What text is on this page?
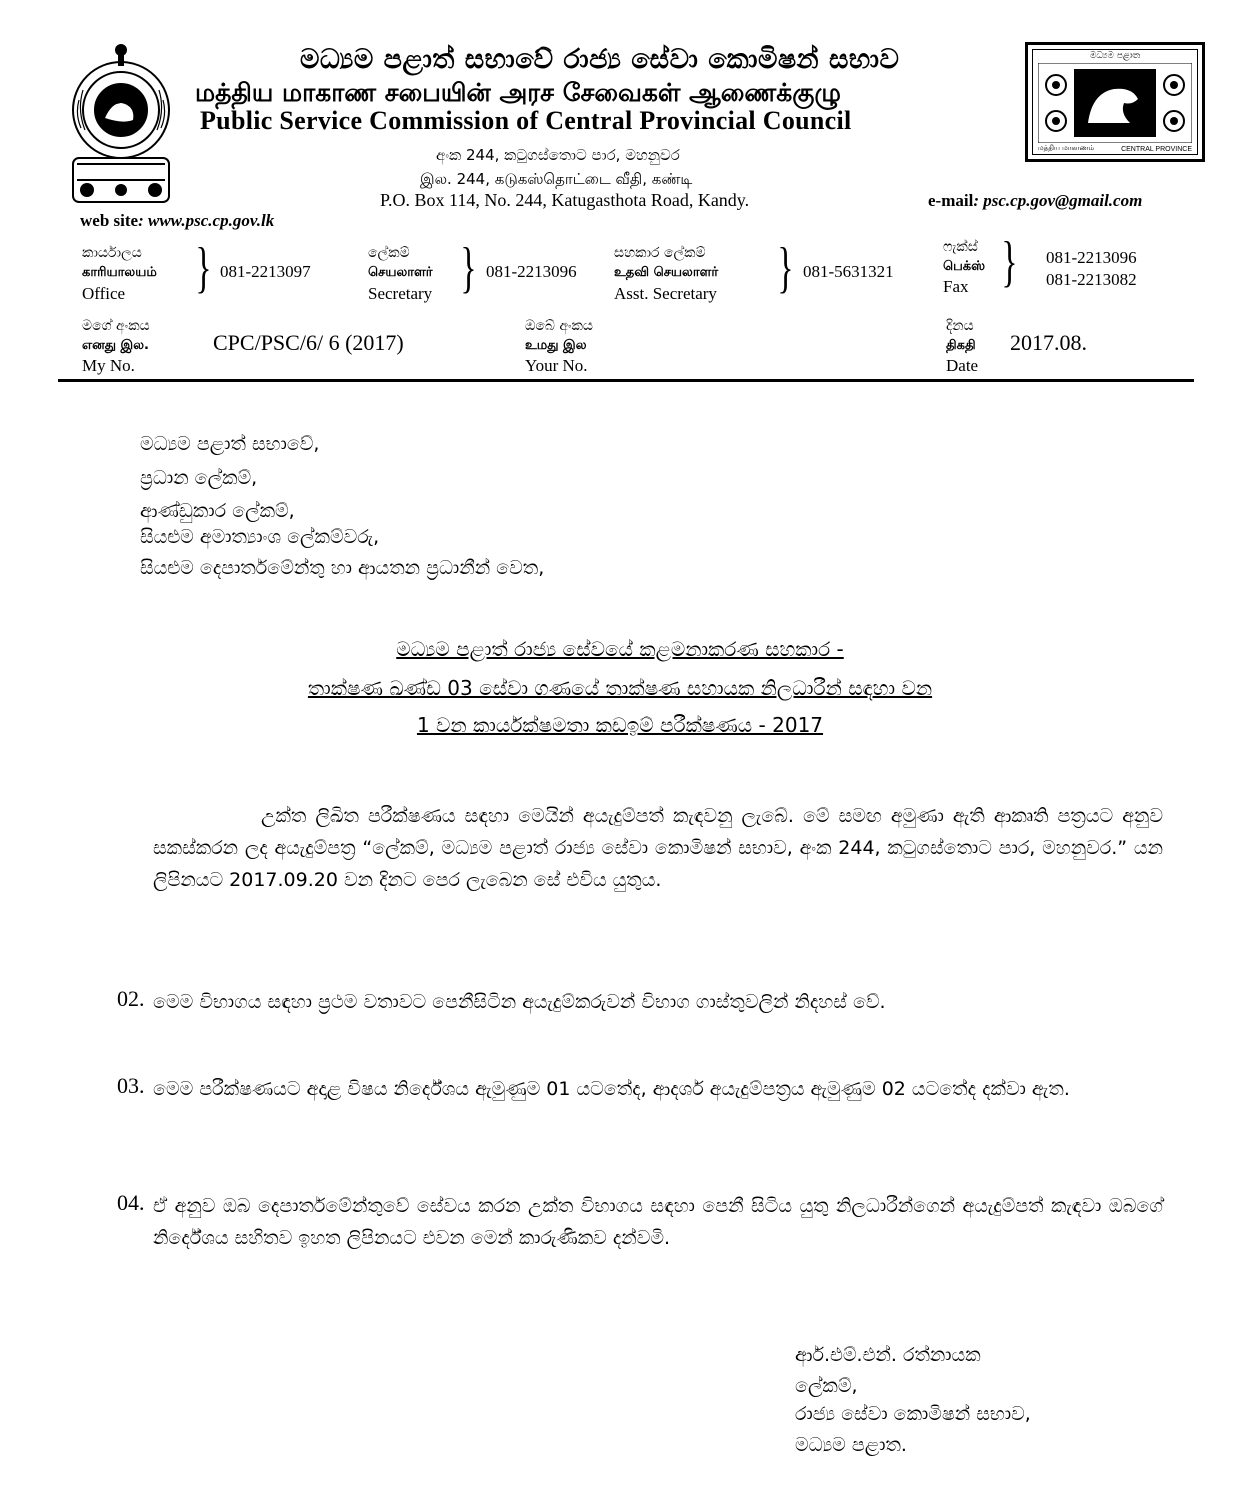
මධ්‍යම පළාත් සභාවේ රාජ්‍ය සේවා කොමිෂන් සභාව
மத்திய மாகாண சபையின் அரச சேவைகள் ஆணைக்குழு
Public Service Commission of Central Provincial Council
මධ්‍යම පළාත
மத்திய மாகாணம்	CENTRAL PROVINCE
අංක 244, කටුගස්තොට පාර, මහනුවර
இல. 244, கடுகஸ்தொட்டை வீதி, கண்டி
P.O. Box 114, No. 244, Katugasthota Road, Kandy.
web site: www.psc.cp.gov.lk
e-mail: psc.cp.gov@gmail.com
කාර්යාලය
காரியாலயம்
Office } 081-2213097
ලේකම්
செயலாளர்
Secretary } 081-2213096
සහකාර ලේකම්
உதவி செயலாளர்
Asst. Secretary } 081-5631321
ෆැක්ස්
பெக்ஸ்
Fax } 081-2213096
081-2213082
මගේ අංකය
எனது இல.
My No.
CPC/PSC/6/ 6 (2017)
ඔබේ අංකය
உமது இல
Your No.
දිනය
திகதி
Date
2017.08.
මධ්‍යම පළාත් සභාවේ,
ප්‍රධාන ලේකම්,
ආණ්ඩුකාර ලේකම්,
සියළුම අමාත්‍යාංශ ලේකම්වරු,
සියළුම දෙපාර්තමේන්තු හා ආයතන ප්‍රධානීන් වෙත,
මධ්‍යම පළාත් රාජ්‍ය සේවයේ කළමනාකරණ සහකාර -
තාක්ෂණ ඛණ්ඩ 03 සේවා ගණයේ තාක්ෂණ සහායක නිලධාරීන් සඳහා වන
1 වන කාර්යක්ෂමතා කඩඉම් පරීක්ෂණය - 2017
උක්ත ලිඛිත පරීක්ෂණය සඳහා මෙයින් අයැදුම්පත් කැඳවනු ලැබේ. මේ සමඟ අමුණා ඇති ආකෘති පත්‍රයට අනුව සකස්කරන ලද අයැදුම්පත්‍ර “ලේකම්, මධ්‍යම පළාත් රාජ්‍ය සේවා කොමිෂන් සභාව, අංක 244, කටුගස්තොට පාර, මහනුවර.” යන ලිපිනයට 2017.09.20 වන දිනට පෙර ලැබෙන සේ එවිය යුතුය.
02. මෙම විභාගය සඳහා ප්‍රථම වතාවට පෙනීසිටින අයැදුම්කරුවන් විභාග ගාස්තුවලින් නිදහස් වේ.
03. මෙම පරීක්ෂණයට අදාළ විෂය නිර්දේශය ඇමුණුම 01 යටතේද, ආදර්ශ අයැදුම්පත්‍රය ඇමුණුම 02 යටතේද දක්වා ඇත.
04. ඒ අනුව ඔබ දෙපාර්තමේන්තුවේ සේවය කරන උක්ත විභාගය සඳහා පෙනී සිටිය යුතු නිලධාරීන්ගෙන් අයැදුම්පත් කැඳවා ඔබගේ නිර්දේශය සහිතව ඉහත ලිපිනයට එවන මෙන් කාරුණිකව දන්වමි.
ආර්.එම්.එන්. රත්නායක
ලේකම්,
රාජ්‍ය සේවා කොමිෂන් සභාව,
මධ්‍යම පළාත.
